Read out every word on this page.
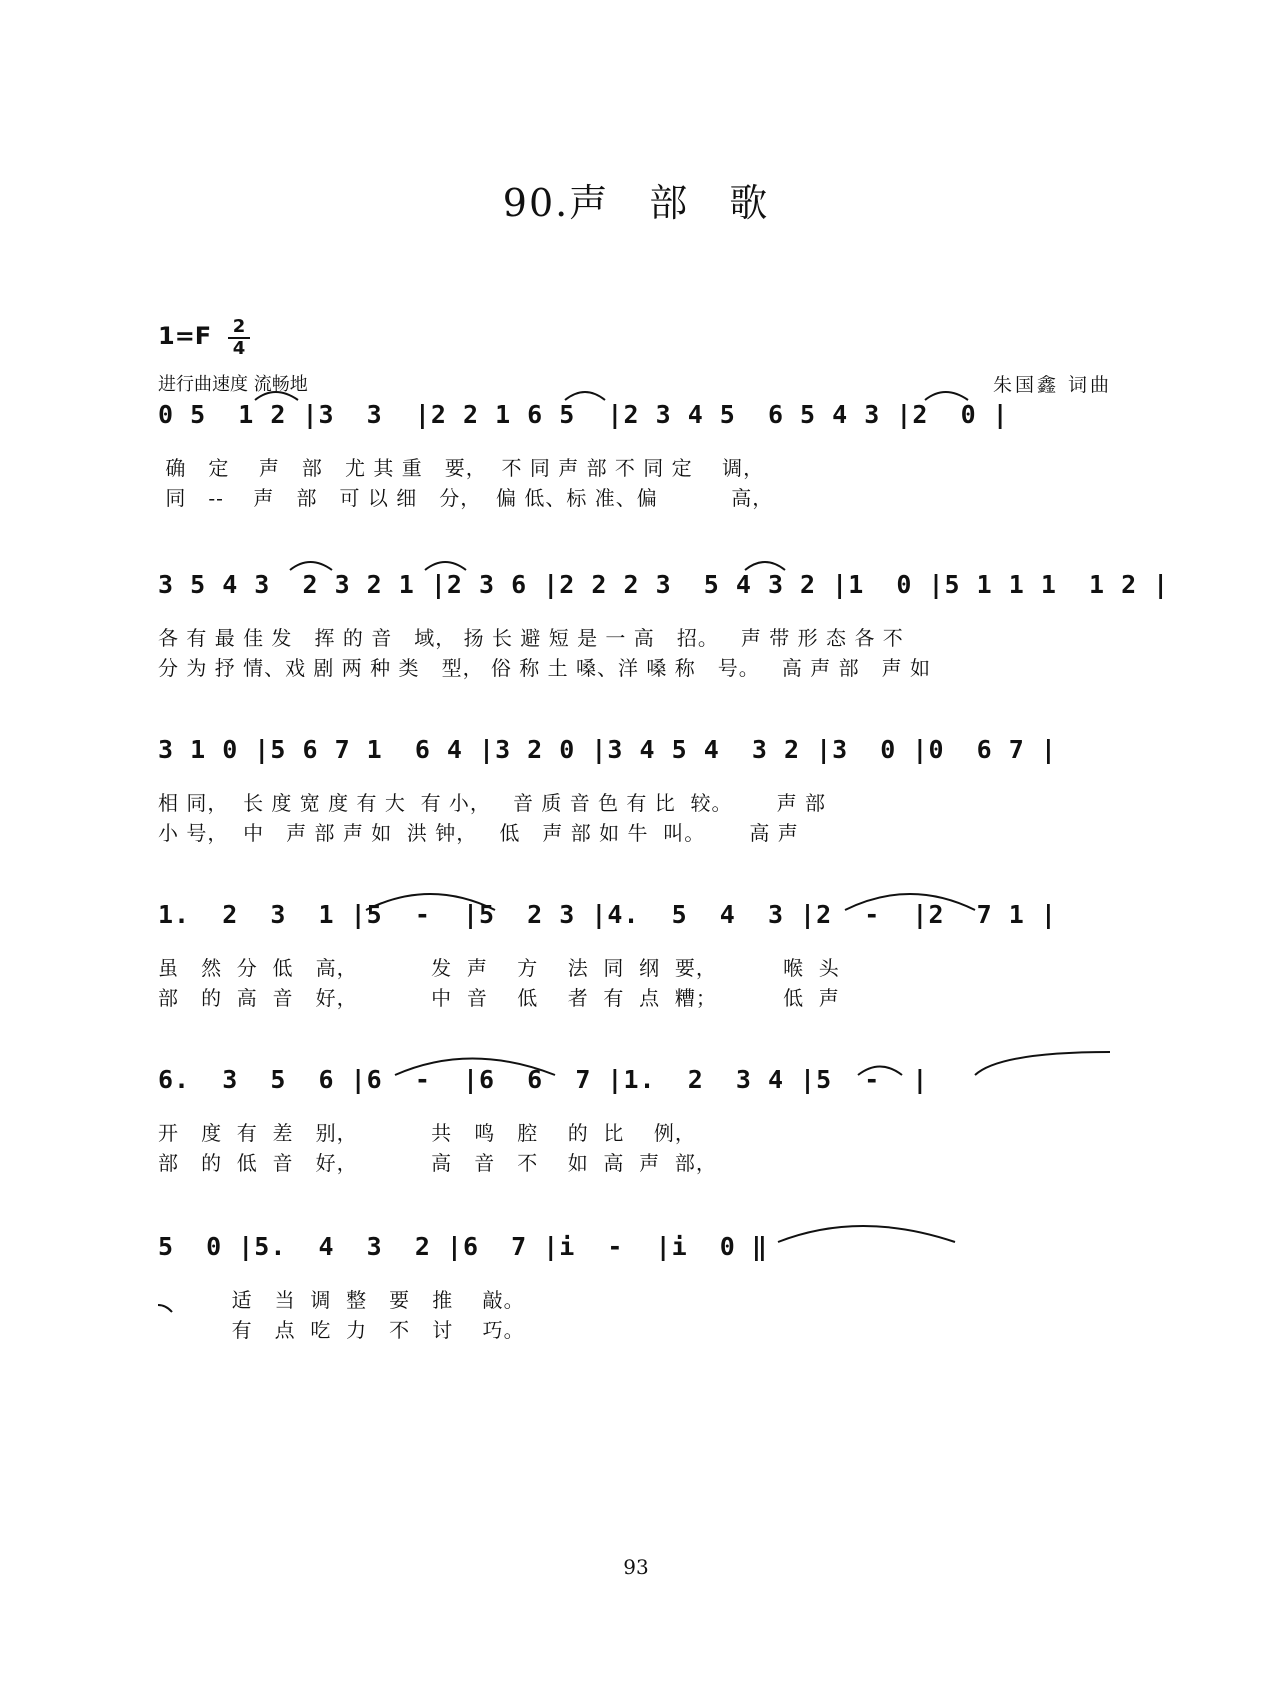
90.声　部　歌
1=F 2
4
进行曲速度 流畅地	朱国鑫 词曲
0 5  1 2 |3  3  |2 2 1 6 5  |2 3 4 5  6 5 4 3 |2  0 |
确   定    声   部   尤 其 重   要，  不 同 声 部 不 同 定    调，
同   --    声   部   可 以 细   分，  偏 低、标 准、偏          高，
3 5 4 3  2 3 2 1 |2 3 6 |2 2 2 3  5 4 3 2 |1  0 |5 1 1 1  1 2 |
各 有 最 佳 发   挥 的 音   域， 扬 长 避 短 是 一 高   招。   声 带 形 态 各 不
分 为 抒 情、戏 剧 两 种 类   型， 俗 称 土 嗓、洋 嗓 称   号。   高 声 部   声 如
3 1 0 |5 6 7 1  6 4 |3 2 0 |3 4 5 4  3 2 |3  0 |0  6 7 |
相 同，  长 度 宽 度 有 大  有 小，   音 质 音 色 有 比  较。      声 部
小 号，  中   声 部 声 如  洪 钟，   低   声 部 如 牛  叫。      高 声
1.  2  3  1 |5  -  |5  2 3 |4.  5  4  3 |2  -  |2  7 1 |
虽   然  分  低   高，          发  声    方    法  同  纲  要，         喉  头
部   的  高  音   好，          中  音    低    者  有  点  糟；         低  声
6.  3  5  6 |6  -  |6  6  7 |1.  2  3 4 |5  -  |
开   度  有  差   别，          共   鸣   腔    的  比    例，
部   的  低  音   好，          高   音   不    如  高  声  部，
5  0 |5.  4  3  2 |6  7 |i  -  |i  0 ‖
适   当  调  整   要   推    敲。
有   点  吃  力   不   讨    巧。
93
